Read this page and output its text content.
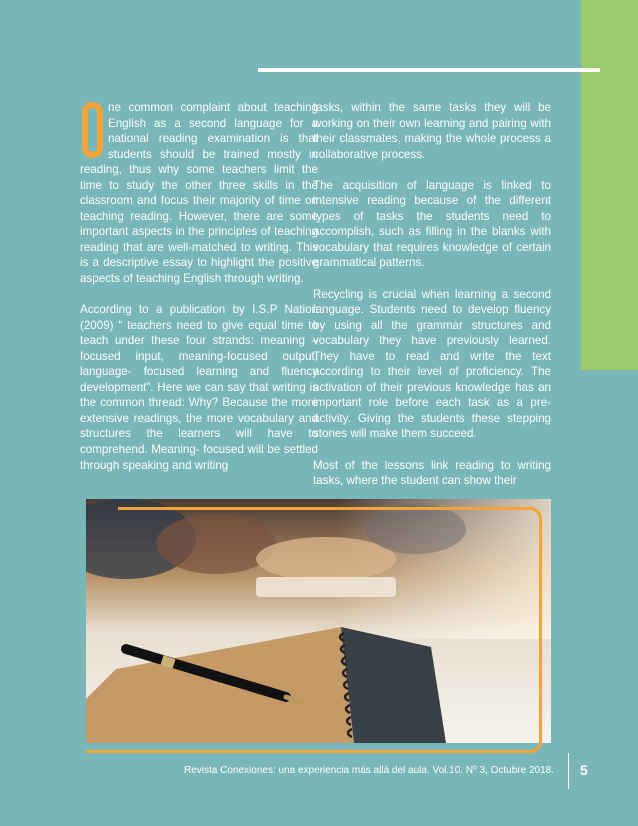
ne common complaint about teaching English as a second language for a national reading examination is that students should be trained mostly in reading, thus why some teachers limit the time to study the other three skills in the classroom and focus their majority of time on teaching reading. However, there are some important aspects in the principles of teaching reading that are well-matched to writing. This is a descriptive essay to highlight the positive aspects of teaching English through writing.

According to a publication by I.S.P Nation (2009) “ teachers need to give equal time to teach under these four strands: meaning – focused input, meaning-focused output, language- focused learning and fluency development”. Here we can say that writing is the common thread: Why? Because the more extensive readings, the more vocabulary and structures the learners will have to comprehend. Meaning- focused will be settled through speaking and writing

tasks, within the same tasks they will be working on their own learning and pairing with their classmates, making the whole process a collaborative process.

The acquisition of language is linked to intensive reading because of the different types of tasks the students need to accomplish, such as filling in the blanks with vocabulary that requires knowledge of certain grammatical patterns.

Recycling is crucial when learning a second language. Students need to develop fluency by using all the grammar structures and vocabulary they have previously learned. They have to read and write the text according to their level of proficiency. The activation of their previous knowledge has an important role before each task as a pre-activity. Giving the students these stepping stones will make them succeed.

Most of the lessons link reading to writing tasks, where the student can show their

Revista Conexiones: una experiencia más allá del aula. Vol.10. Nº 3, Octubre 2018. 5
